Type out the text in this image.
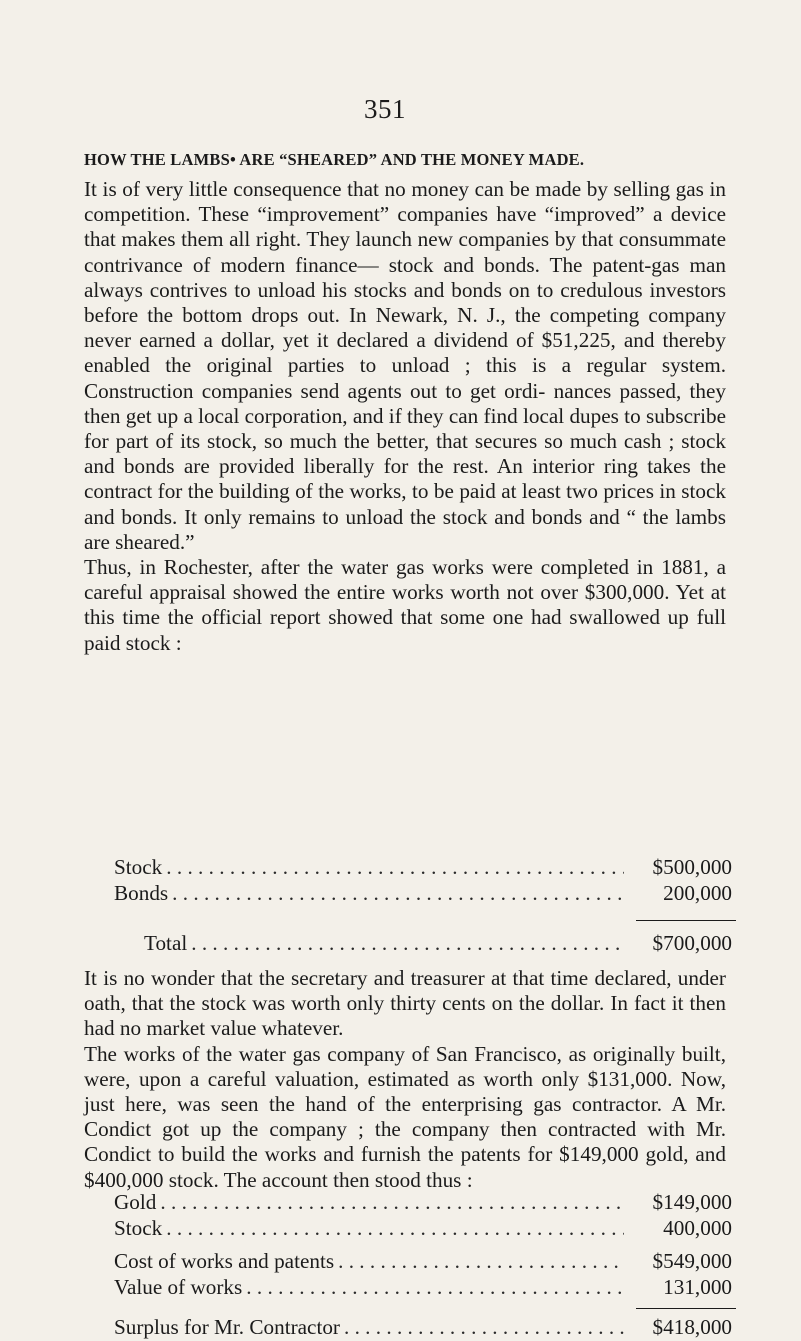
351
HOW THE LAMBS• ARE “SHEARED” AND THE MONEY MADE.

It is of very little consequence that no money can be made by selling gas in competition. These “improvement” companies have “improved” a device that makes them all right. They launch new companies by that consummate contrivance of modern finance— stock and bonds. The patent-gas man always contrives to unload his stocks and bonds on to credulous investors before the bottom drops out. In Newark, N. J., the competing company never earned a dollar, yet it declared a dividend of $51,225, and thereby enabled the original parties to unload ; this is a regular system. Construction companies send agents out to get ordi- nances passed, they then get up a local corporation, and if they can find local dupes to subscribe for part of its stock, so much the better, that secures so much cash ; stock and bonds are provided liberally for the rest. An interior ring takes the contract for the building of the works, to be paid at least two prices in stock and bonds. It only remains to unload the stock and bonds and “ the lambs are sheared.”

Thus, in Rochester, after the water gas works were completed in 1881, a careful appraisal showed the entire works worth not over $300,000. Yet at this time the official report showed that some one had swallowed up full paid stock :

Stock . . .	$500,000
Bonds . . .	200,000
Total . . .	$700,000

It is no wonder that the secretary and treasurer at that time declared, under oath, that the stock was worth only thirty cents on the dollar. In fact it then had no market value whatever.

The works of the water gas company of San Francisco, as originally built, were, upon a careful valuation, estimated as worth only $131,000. Now, just here, was seen the hand of the enterprising gas contractor. A Mr. Condict got up the company ; the company then contracted with Mr. Condict to build the works and furnish the patents for $149,000 gold, and $400,000 stock. The account then stood thus :

Gold . . .	$149,000
Stock . . .	400,000
Cost of works and patents . . .	$549,000
Value of works . . .	131,000
Surplus for Mr. Contractor . . .	$418,000
